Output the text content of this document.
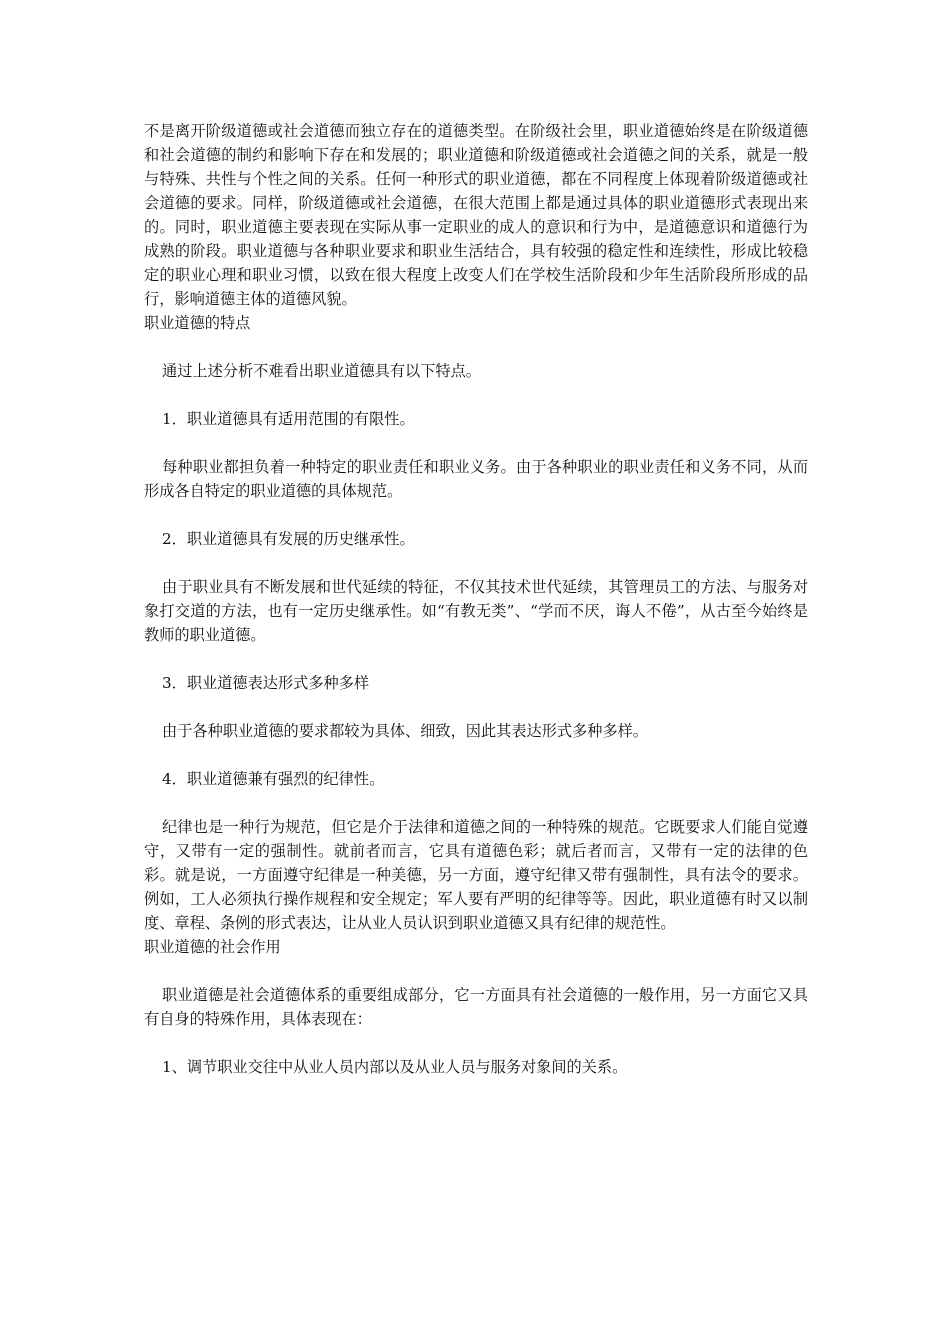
不是离开阶级道德或社会道德而独立存在的道德类型。在阶级社会里，职业道德始终是在阶级道德和社会道德的制约和影响下存在和发展的；职业道德和阶级道德或社会道德之间的关系，就是一般与特殊、共性与个性之间的关系。任何一种形式的职业道德，都在不同程度上体现着阶级道德或社会道德的要求。同样，阶级道德或社会道德，在很大范围上都是通过具体的职业道德形式表现出来的。同时，职业道德主要表现在实际从事一定职业的成人的意识和行为中，是道德意识和道德行为成熟的阶段。职业道德与各种职业要求和职业生活结合，具有较强的稳定性和连续性，形成比较稳定的职业心理和职业习惯，以致在很大程度上改变人们在学校生活阶段和少年生活阶段所形成的品行，影响道德主体的道德风貌。

职业道德的特点

通过上述分析不难看出职业道德具有以下特点。

1．职业道德具有适用范围的有限性。

每种职业都担负着一种特定的职业责任和职业义务。由于各种职业的职业责任和义务不同，从而形成各自特定的职业道德的具体规范。

2．职业道德具有发展的历史继承性。

由于职业具有不断发展和世代延续的特征，不仅其技术世代延续，其管理员工的方法、与服务对象打交道的方法，也有一定历史继承性。如“有教无类”、“学而不厌，诲人不倦”，从古至今始终是教师的职业道德。

3．职业道德表达形式多种多样

由于各种职业道德的要求都较为具体、细致，因此其表达形式多种多样。

4．职业道德兼有强烈的纪律性。

纪律也是一种行为规范，但它是介于法律和道德之间的一种特殊的规范。它既要求人们能自觉遵守，又带有一定的强制性。就前者而言，它具有道德色彩；就后者而言，又带有一定的法律的色彩。就是说，一方面遵守纪律是一种美德，另一方面，遵守纪律又带有强制性，具有法令的要求。例如，工人必须执行操作规程和安全规定；军人要有严明的纪律等等。因此，职业道德有时又以制度、章程、条例的形式表达，让从业人员认识到职业道德又具有纪律的规范性。

职业道德的社会作用

职业道德是社会道德体系的重要组成部分，它一方面具有社会道德的一般作用，另一方面它又具有自身的特殊作用，具体表现在：

1、调节职业交往中从业人员内部以及从业人员与服务对象间的关系。
